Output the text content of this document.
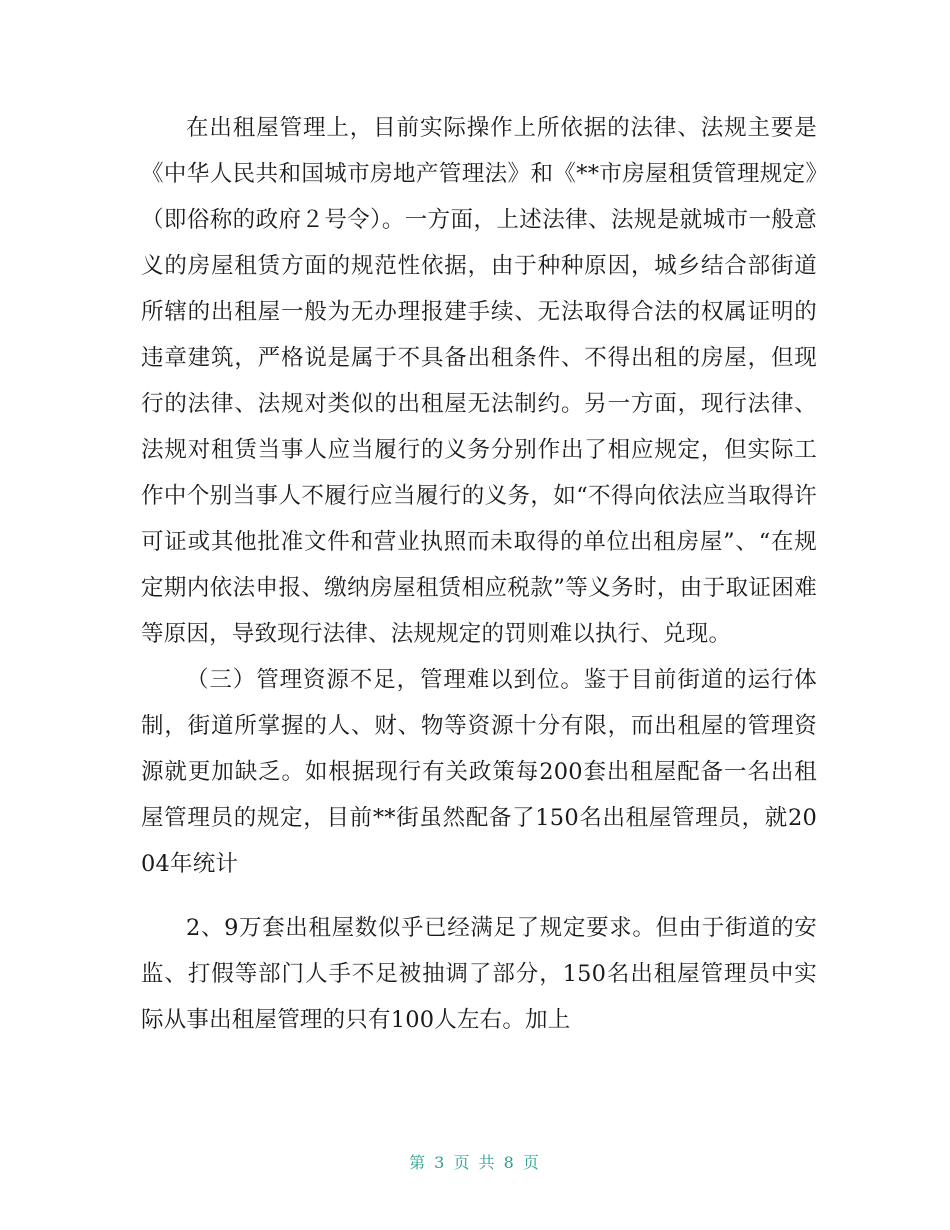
在出租屋管理上，目前实际操作上所依据的法律、法规主要是《中华人民共和国城市房地产管理法》和《**市房屋租赁管理规定》（即俗称的政府２号令）。一方面，上述法律、法规是就城市一般意义的房屋租赁方面的规范性依据，由于种种原因，城乡结合部街道所辖的出租屋一般为无办理报建手续、无法取得合法的权属证明的违章建筑，严格说是属于不具备出租条件、不得出租的房屋，但现行的法律、法规对类似的出租屋无法制约。另一方面，现行法律、法规对租赁当事人应当履行的义务分别作出了相应规定，但实际工作中个别当事人不履行应当履行的义务，如“不得向依法应当取得许可证或其他批准文件和营业执照而未取得的单位出租房屋”、“在规定期内依法申报、缴纳房屋租赁相应税款”等义务时，由于取证困难等原因，导致现行法律、法规规定的罚则难以执行、兑现。

（三）管理资源不足，管理难以到位。鉴于目前街道的运行体制，街道所掌握的人、财、物等资源十分有限，而出租屋的管理资源就更加缺乏。如根据现行有关政策每200套出租屋配备一名出租屋管理员的规定，目前**街虽然配备了150名出租屋管理员，就2004年统计

2、9万套出租屋数似乎已经满足了规定要求。但由于街道的安监、打假等部门人手不足被抽调了部分，150名出租屋管理员中实际从事出租屋管理的只有100人左右。加上

第 3 页 共 8 页
